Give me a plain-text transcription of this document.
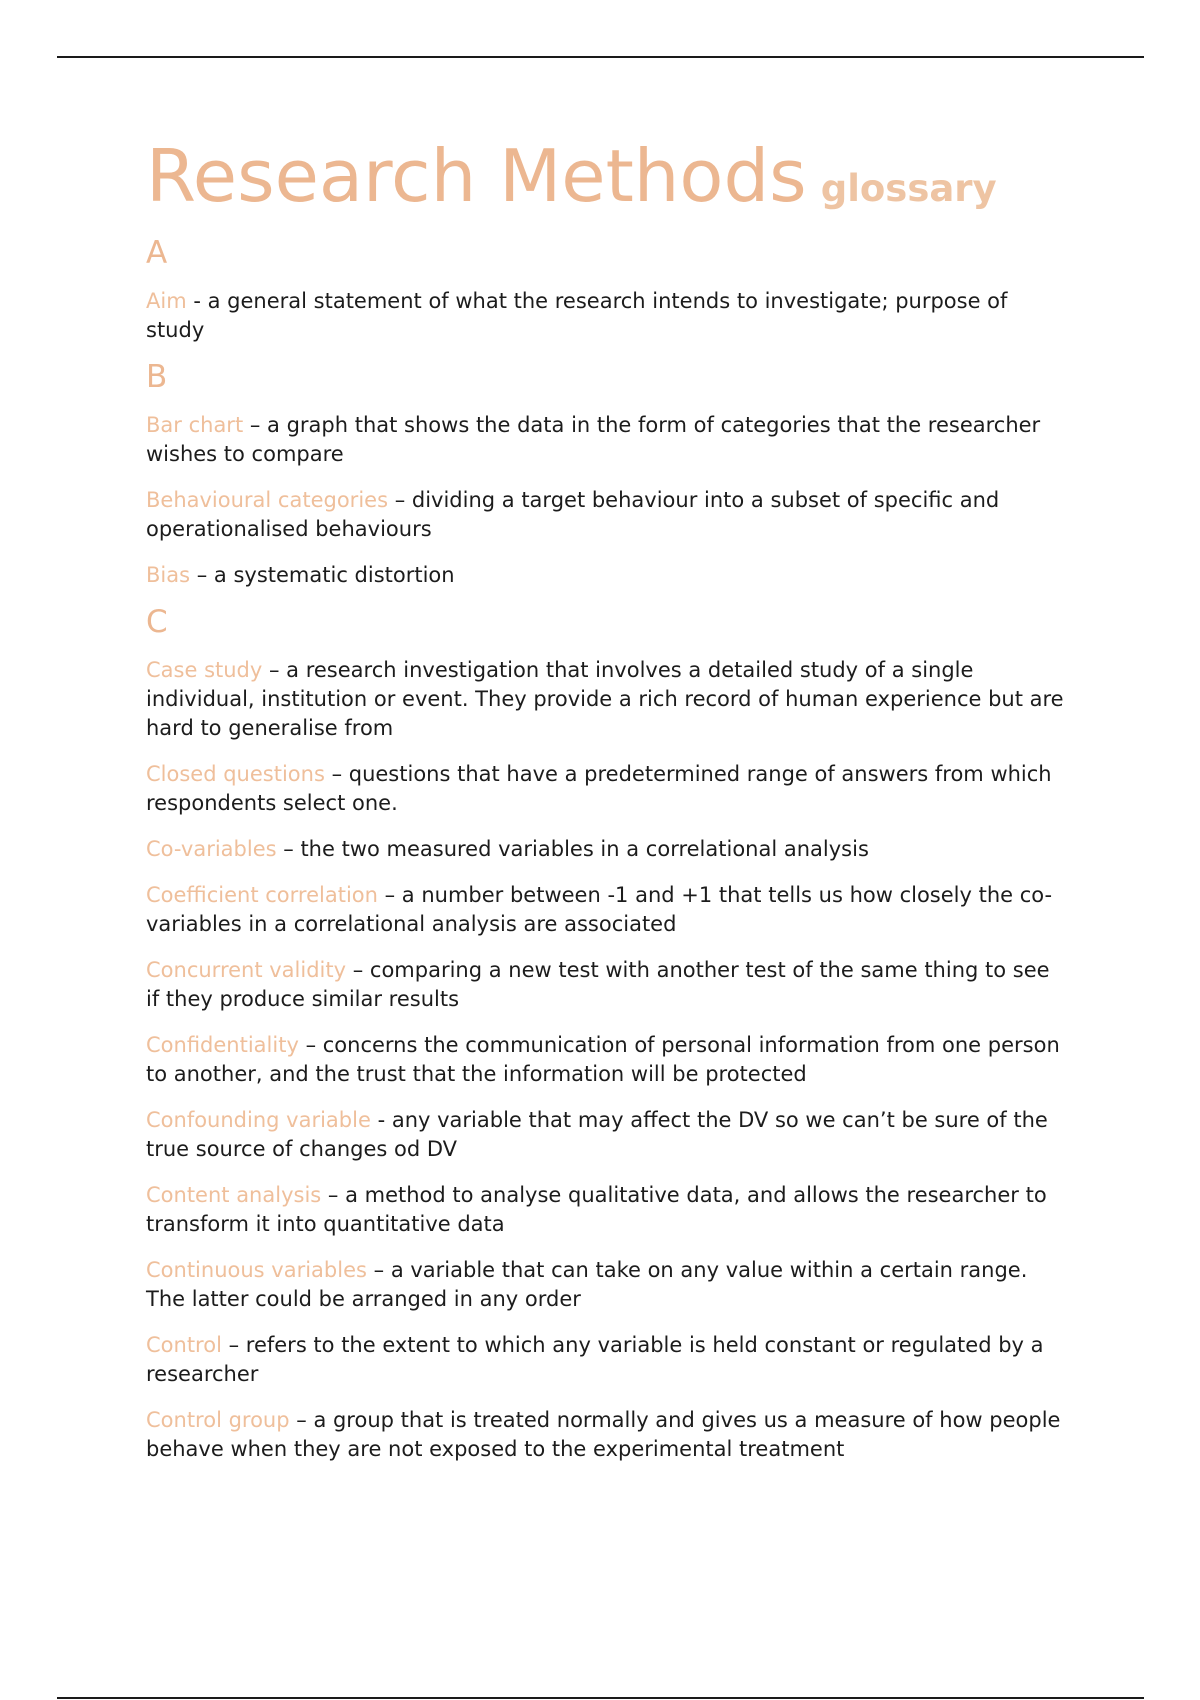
Research Methods glossary
A

Aim - a general statement of what the research intends to investigate; purpose of study

B

Bar chart – a graph that shows the data in the form of categories that the researcher wishes to compare

Behavioural categories – dividing a target behaviour into a subset of specific and operationalised behaviours

Bias – a systematic distortion

C

Case study – a research investigation that involves a detailed study of a single individual, institution or event. They provide a rich record of human experience but are hard to generalise from

Closed questions – questions that have a predetermined range of answers from which respondents select one.

Co-variables – the two measured variables in a correlational analysis

Coefficient correlation – a number between -1 and +1 that tells us how closely the co-variables in a correlational analysis are associated

Concurrent validity – comparing a new test with another test of the same thing to see if they produce similar results

Confidentiality – concerns the communication of personal information from one person to another, and the trust that the information will be protected

Confounding variable - any variable that may affect the DV so we can’t be sure of the true source of changes od DV

Content analysis – a method to analyse qualitative data, and allows the researcher to transform it into quantitative data

Continuous variables – a variable that can take on any value within a certain range. The latter could be arranged in any order

Control – refers to the extent to which any variable is held constant or regulated by a researcher

Control group – a group that is treated normally and gives us a measure of how people behave when they are not exposed to the experimental treatment
